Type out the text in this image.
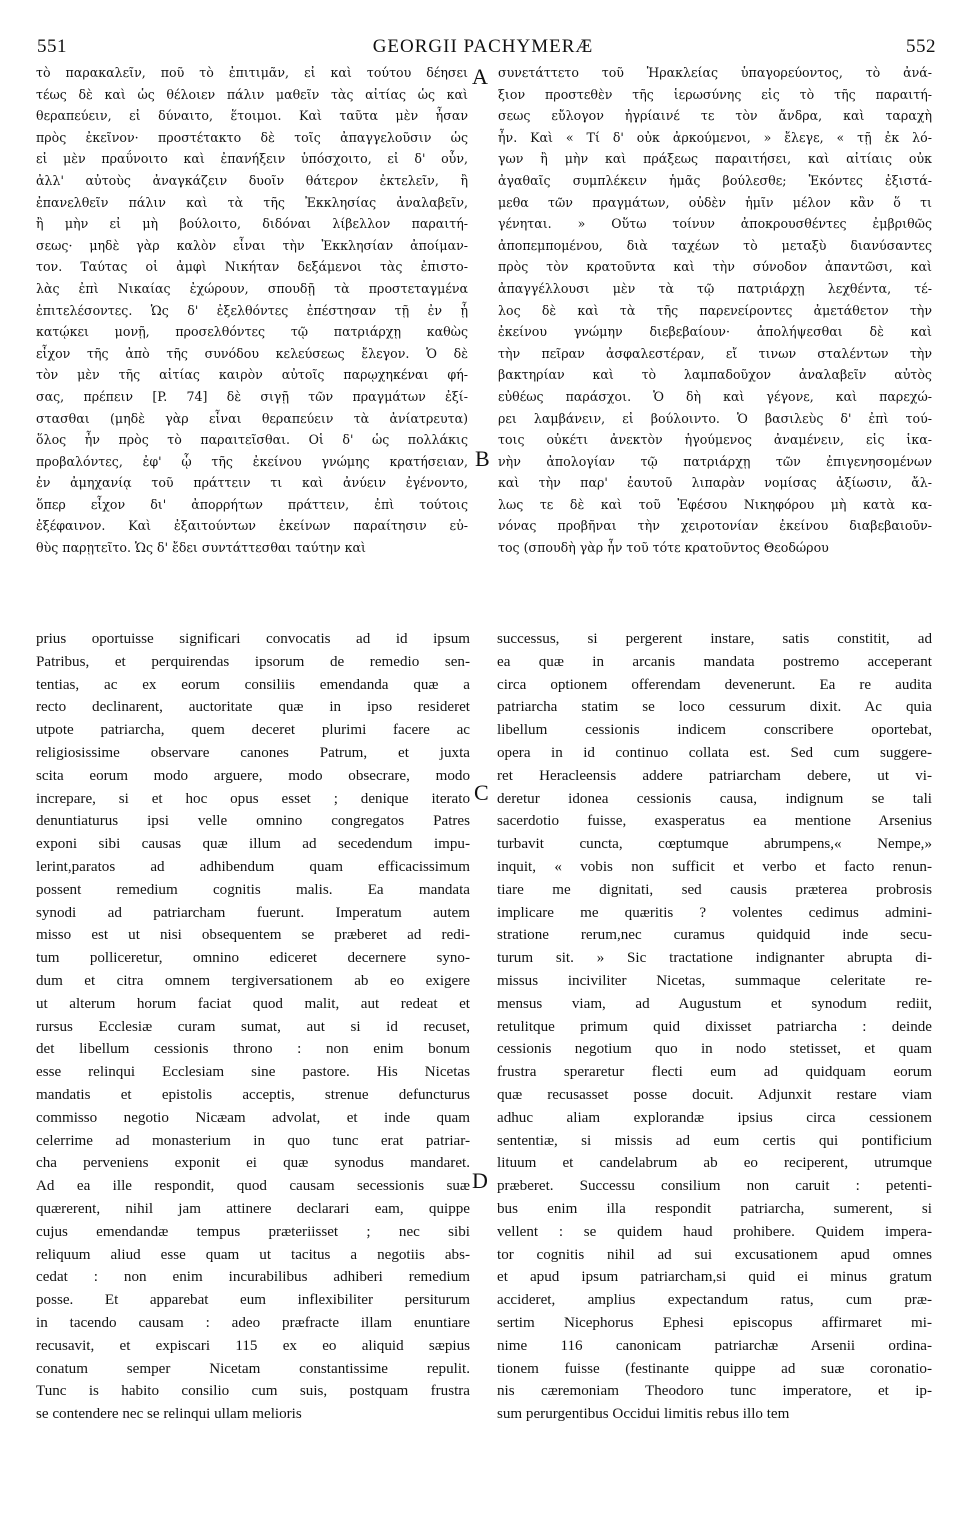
551	GEORGII PACHYMERÆ	552
τὸ παρακαλεῖν, ποῦ τὸ ἐπιτιμᾶν, εἰ καὶ τούτου δέησει
τέως δὲ καὶ ὡς θέλοιεν πάλιν μαθεῖν τὰς αἰτίας ὡς καὶ
θεραπεύειν, εἰ δύναιτο, ἕτοιμοι. Καὶ ταῦτα μὲν ἦσαν
πρὸς ἐκεῖνον· προστέτακτο δὲ τοῖς ἀπαγγελοῦσιν ὡς
εἰ μὲν πραΰνοιτο καὶ ἐπανήξειν ὑπόσχοιτο, εἰ δ' οὖν,
ἀλλ' αὐτοὺς ἀναγκάζειν δυοῖν θάτερον ἐκτελεῖν, ἢ
ἐπανελθεῖν πάλιν καὶ τὰ τῆς Ἐκκλησίας ἀναλαβεῖν,
ἢ μὴν εἰ μὴ βούλοιτο, διδόναι λίβελλον παραιτή-
σεως· μηδὲ γὰρ καλὸν εἶναι τὴν Ἐκκλησίαν ἀποίμαν-
τον. Ταύτας οἱ ἀμφὶ Νικήταν δεξάμενοι τὰς ἐπιστο-
λὰς ἐπὶ Νικαίας ἐχώρουν, σπουδῇ τὰ προστεταγμένα
ἐπιτελέσοντες. Ὡς δ' ἐξελθόντες ἐπέστησαν τῇ ἐν ᾗ
κατῴκει μονῇ, προσελθόντες τῷ πατριάρχῃ καθὼς
εἶχον τῆς ἀπὸ τῆς συνόδου κελεύσεως ἔλεγον. Ὁ δὲ
τὸν μὲν τῆς αἰτίας καιρὸν αὐτοῖς παρῳχηκέναι φή-
σας, πρέπειν [P. 74] δὲ σιγῇ τῶν πραγμάτων ἐξί-
στασθαι (μηδὲ γὰρ εἶναι θεραπεύειν τὰ ἀνίατρευτα)
ὅλος ἦν πρὸς τὸ παραιτεῖσθαι. Οἱ δ' ὡς πολλάκις
προβαλόντες, ἐφ' ᾧ τῆς ἐκείνου γνώμης κρατήσειαν,
ἐν ἀμηχανίᾳ τοῦ πράττειν τι καὶ ἀνύειν ἐγένοντο,
ὅπερ εἶχον δι' ἀπορρήτων πράττειν, ἐπὶ τούτοις
ἐξέφαινον. Καὶ ἐξαιτούντων ἐκείνων παραίτησιν εὐ-
θὺς παρῃτεῖτο. Ὡς δ' ἔδει συντάττεσθαι ταύτην καὶ
συνετάττετο τοῦ Ἡρακλείας ὑπαγορεύοντος, τὸ ἀνά-
ξιον προστεθὲν τῆς ἱερωσύνης εἰς τὸ τῆς παραιτή-
σεως εὔλογον ἠγρίαινέ τε τὸν ἄνδρα, καὶ ταραχὴ
ἦν. Καὶ « Τί δ' οὐκ ἀρκούμενοι, » ἔλεγε, « τῇ ἐκ λό-
γων ἢ μὴν καὶ πράξεως παραιτήσει, καὶ αἰτίαις οὐκ
ἀγαθαῖς συμπλέκειν ἡμᾶς βούλεσθε; Ἑκόντες ἐξιστά-
μεθα τῶν πραγμάτων, οὐδὲν ἡμῖν μέλον κἂν ὅ τι
γένηται. » Οὕτω τοίνυν ἀποκρουσθέντες ἐμβριθῶς
ἀποπεμπομένου, διὰ ταχέων τὸ μεταξὺ διανύσαντες
πρὸς τὸν κρατοῦντα καὶ τὴν σύνοδον ἀπαντῶσι, καὶ
ἀπαγγέλλουσι μὲν τὰ τῷ πατριάρχῃ λεχθέντα, τέ-
λος δὲ καὶ τὰ τῆς παρενείροντες ἀμετάθετον τὴν
ἐκείνου γνώμην διεβεβαίουν· ἀπολήψεσθαι δὲ καὶ
τὴν πεῖραν ἀσφαλεστέραν, εἴ τινων σταλέντων τὴν
βακτηρίαν καὶ τὸ λαμπαδοῦχον ἀναλαβεῖν αὐτὸς
εὐθέως παράσχοι. Ὁ δὴ καὶ γέγονε, καὶ παρεχώ-
ρει λαμβάνειν, εἰ βούλοιντο. Ὁ βασιλεὺς δ' ἐπὶ τού-
τοις οὐκέτι ἀνεκτὸν ἡγούμενος ἀναμένειν, εἰς ἱκα-
νὴν ἀπολογίαν τῷ πατριάρχῃ τῶν ἐπιγενησομένων
καὶ τὴν παρ' ἑαυτοῦ λιπαρὰν νομίσας ἀξίωσιν, ἄλ-
λως τε δὲ καὶ τοῦ Ἐφέσου Νικηφόρου μὴ κατὰ κα-
νόνας προβῆναι τὴν χειροτονίαν ἐκείνου διαβεβαιοῦν-
τος (σπουδὴ γὰρ ἦν τοῦ τότε κρατοῦντος Θεοδώρου
A
B
C
D
prius oportuisse significari convocatis ad id ipsum
Patribus, et perquirendas ipsorum de remedio sen-
tentias, ac ex eorum consiliis emendanda quæ a
recto declinarent, auctoritate quæ in ipso resideret
utpote patriarcha, quem deceret plurimi facere ac
religiosissime observare canones Patrum, et juxta
scita eorum modo arguere, modo obsecrare, modo
increpare, si et hoc opus esset ; denique iterato
denuntiaturus ipsi velle omnino congregatos Patres
exponi sibi causas quæ illum ad secedendum impu-
lerint,paratos ad adhibendum quam efficacissimum
possent remedium cognitis malis. Ea mandata
synodi ad patriarcham fuerunt. Imperatum autem
misso est ut nisi obsequentem se præberet ad redi-
tum polliceretur, omnino ediceret decernere syno-
dum et citra omnem tergiversationem ab eo exigere
ut alterum horum faciat quod malit, aut redeat et
rursus Ecclesiæ curam sumat, aut si id recuset,
det libellum cessionis throno : non enim bonum
esse relinqui Ecclesiam sine pastore. His Nicetas
mandatis et epistolis acceptis, strenue defuncturus
commisso negotio Nicæam advolat, et inde quam
celerrime ad monasterium in quo tunc erat patriar-
cha perveniens exponit ei quæ synodus mandaret.
Ad ea ille respondit, quod causam secessionis suæ
quærerent, nihil jam attinere declarari eam, quippe
cujus emendandæ tempus præteriisset ; nec sibi
reliquum aliud esse quam ut tacitus a negotiis abs-
cedat : non enim incurabilibus adhiberi remedium
posse. Et apparebat eum inflexibiliter persiturum
in tacendo causam : adeo præfracte illam enuntiare
recusavit, et expiscari 115 ex eo aliquid sæpius
conatum semper Nicetam constantissime repulit.
Tunc is habito consilio cum suis, postquam frustra
se contendere nec se relinqui ullam melioris
successus, si pergerent instare, satis constitit, ad
ea quæ in arcanis mandata postremo acceperant
circa optionem offerendam devenerunt. Ea re audita
patriarcha statim se loco cessurum dixit. Ac quia
libellum cessionis indicem conscribere oportebat,
opera in id continuo collata est. Sed cum suggere-
ret Heracleensis addere patriarcham debere, ut vi-
deretur idonea cessionis causa, indignum se tali
sacerdotio fuisse, exasperatus ea mentione Arsenius
turbavit cuncta, cœptumque abrumpens,« Nempe,»
inquit, « vobis non sufficit et verbo et facto renun-
tiare me dignitati, sed causis præterea probrosis
implicare me quæritis ? volentes cedimus admini-
stratione rerum,nec curamus quidquid inde secu-
turum sit. » Sic tractatione indignanter abrupta di-
missus inciviliter Nicetas, summaque celeritate re-
mensus viam, ad Augustum et synodum rediit,
retulitque primum quid dixisset patriarcha : deinde
cessionis negotium quo in nodo stetisset, et quam
frustra speraretur flecti eum ad quidquam eorum
quæ recusasset posse docuit. Adjunxit restare viam
adhuc aliam explorandæ ipsius circa cessionem
sententiæ, si missis ad eum certis qui pontificium
lituum et candelabrum ab eo reciperent, utrumque
præberet. Successu consilium non caruit : petenti-
bus enim illa respondit patriarcha, sumerent, si
vellent : se quidem haud prohibere. Quidem impera-
tor cognitis nihil ad sui excusationem apud omnes
et apud ipsum patriarcham,si quid ei minus gratum
accideret, amplius expectandum ratus, cum præ-
sertim Nicephorus Ephesi episcopus affirmaret mi-
nime 116 canonicam patriarchæ Arsenii ordina-
tionem fuisse (festinante quippe ad suæ coronatio-
nis cæremoniam Theodoro tunc imperatore, et ip-
sum perurgentibus Occidui limitis rebus illo tem
